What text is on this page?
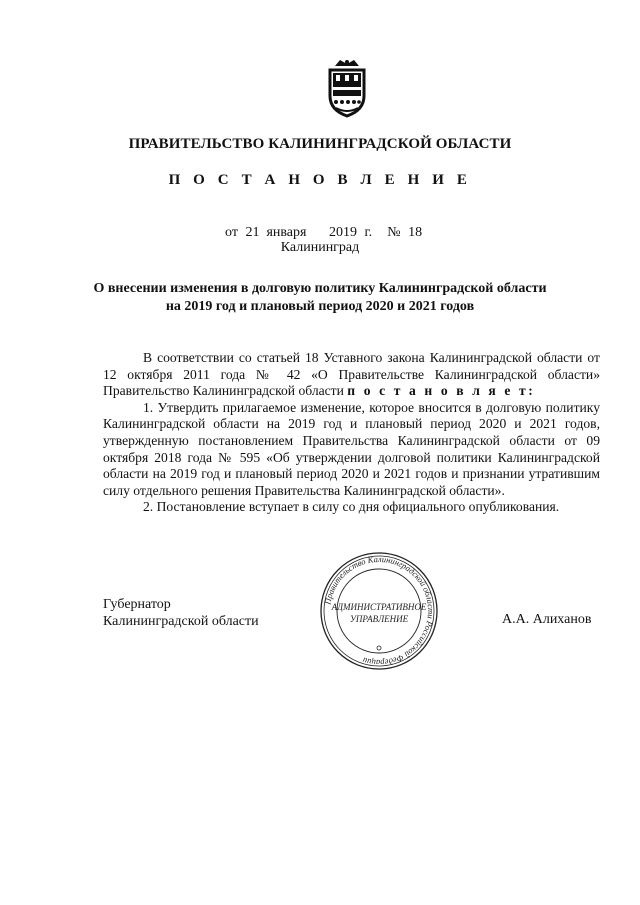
ПРАВИТЕЛЬСТВО КАЛИНИНГРАДСКОЙ ОБЛАСТИ
П О С Т А Н О В Л Е Н И Е
от 21  января 2019 г. № 18
Калининград
О внесении изменения в долговую политику Калининградской области
на 2019 год и плановый период 2020 и 2021 годов

В соответствии со статьей 18 Уставного закона Калининградской области от 12 октября 2011 года № 42 «О Правительстве Калининградской области» Правительство Калининградской области п о с т а н о в л я е т:

1. Утвердить прилагаемое изменение, которое вносится в долговую политику Калининградской области на 2019 год и плановый период 2020 и 2021 годов, утвержденную постановлением Правительства Калининградской области от 09 октября 2018 года № 595 «Об утверждении долговой политики Калининградской области на 2019 год и плановый период 2020 и 2021 годов и признании утратившим силу отдельного решения Правительства Калининградской области».

2. Постановление вступает в силу со дня официального опубликования.

Губернатор
Калининградской области
Правительство Калининградской области Российской Федерации
АДМИНИСТРАТИВНОЕ
УПРАВЛЕНИЕ	А.А. Алиханов
